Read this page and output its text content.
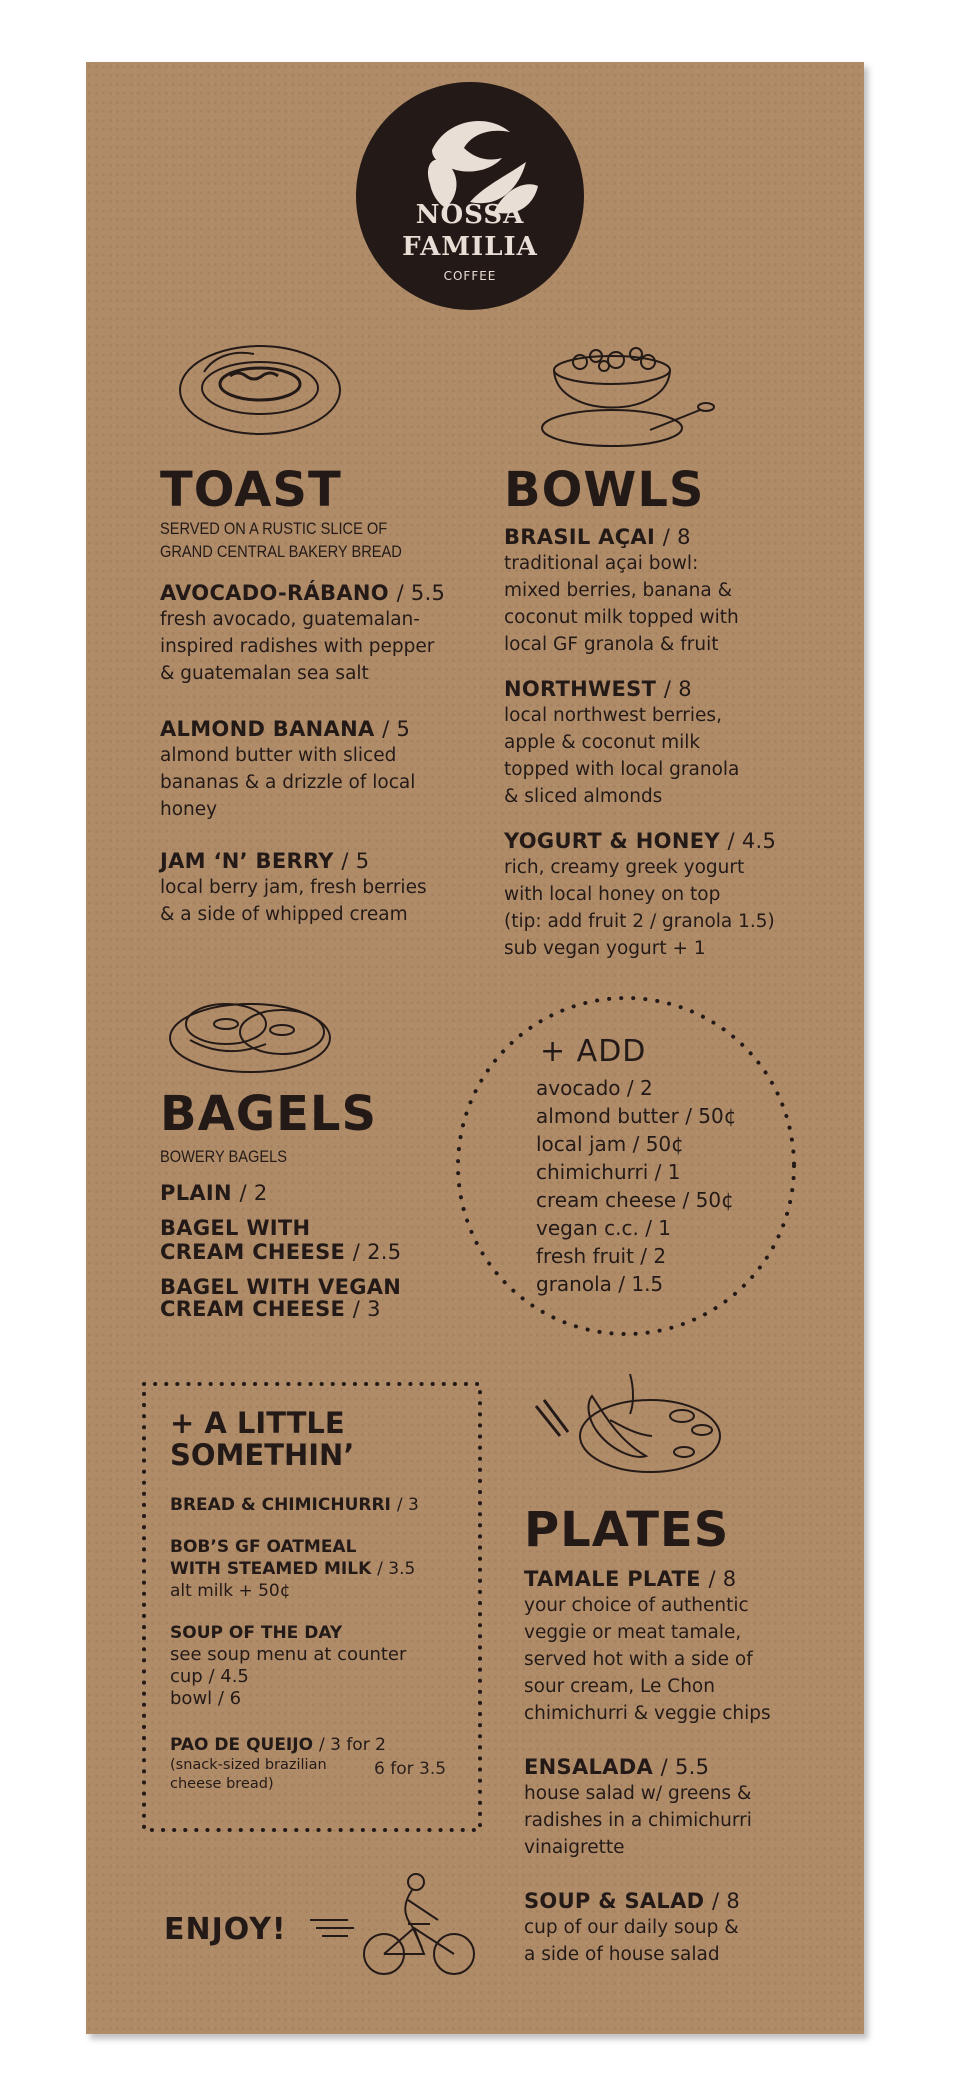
NOSSA
FAMILIA
COFFEE
TOAST
SERVED ON A RUSTIC SLICE OF
GRAND CENTRAL BAKERY BREAD
AVOCADO-RÁBANO / 5.5
fresh avocado, guatemalan-
inspired radishes with pepper
& guatemalan sea salt
ALMOND BANANA / 5
almond butter with sliced
bananas & a drizzle of local
honey
JAM ‘N’ BERRY / 5
local berry jam, fresh berries
& a side of whipped cream
BOWLS
BRASIL AÇAI / 8
traditional açai bowl:
mixed berries, banana &
coconut milk topped with
local GF granola & fruit
NORTHWEST / 8
local northwest berries,
apple & coconut milk
topped with local granola
& sliced almonds
YOGURT & HONEY / 4.5
rich, creamy greek yogurt
with local honey on top
(tip: add fruit 2 / granola 1.5)
sub vegan yogurt + 1
BAGELS
BOWERY BAGELS
PLAIN / 2
BAGEL WITH
CREAM CHEESE / 2.5
BAGEL WITH VEGAN
CREAM CHEESE / 3
+ ADD
avocado / 2
almond butter / 50¢
local jam / 50¢
chimichurri / 1
cream cheese / 50¢
vegan c.c. / 1
fresh fruit / 2
granola / 1.5
+ A LITTLE
SOMETHIN’
BREAD & CHIMICHURRI / 3
BOB’S GF OATMEAL
WITH STEAMED MILK / 3.5
alt milk + 50¢
SOUP OF THE DAY
see soup menu at counter
cup / 4.5
bowl / 6
PAO DE QUEIJO / 3 for 2
(snack-sized brazilian
cheese bread)
6 for 3.5
PLATES
TAMALE PLATE / 8
your choice of authentic
veggie or meat tamale,
served hot with a side of
sour cream, Le Chon
chimichurri & veggie chips
ENSALADA / 5.5
house salad w/ greens &
radishes in a chimichurri
vinaigrette
SOUP & SALAD / 8
cup of our daily soup &
a side of house salad
ENJOY!
